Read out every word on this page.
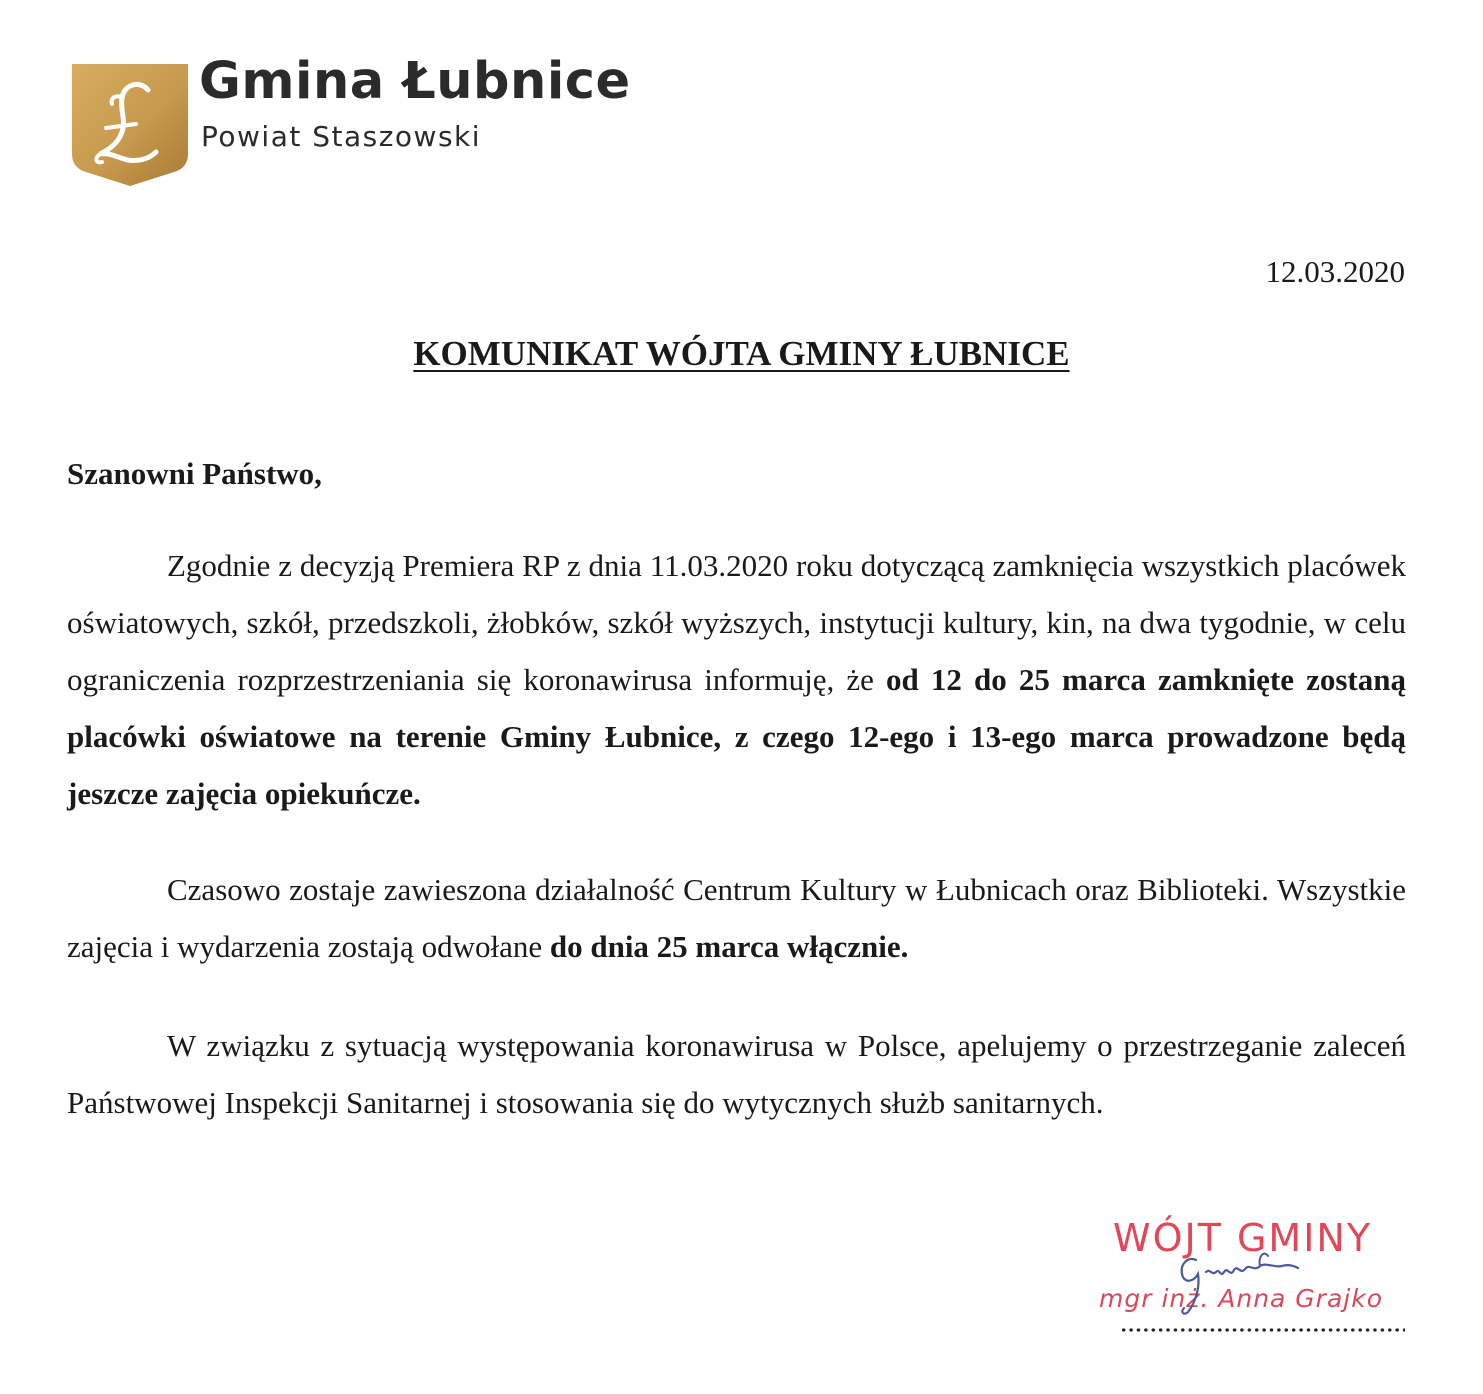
Gmina Łubnice
Powiat Staszowski
12.03.2020
KOMUNIKAT WÓJTA GMINY ŁUBNICE
Szanowni Państwo,

Zgodnie z decyzją Premiera RP z dnia 11.03.2020 roku dotyczącą zamknięcia wszystkich placówek oświatowych, szkół, przedszkoli, żłobków, szkół wyższych, instytucji kultury, kin, na dwa tygodnie, w celu ograniczenia rozprzestrzeniania się koronawirusa informuję, że od 12 do 25 marca zamknięte zostaną placówki oświatowe na terenie Gminy Łubnice, z czego 12-ego i 13-ego marca prowadzone będą jeszcze zajęcia opiekuńcze.

Czasowo zostaje zawieszona działalność Centrum Kultury w Łubnicach oraz Biblioteki. Wszystkie zajęcia i wydarzenia zostają odwołane do dnia 25 marca włącznie.

W związku z sytuacją występowania koronawirusa w Polsce, apelujemy o przestrzeganie zaleceń Państwowej Inspekcji Sanitarnej i stosowania się do wytycznych służb sanitarnych.

WÓJT GMINY
mgr inż. Anna Grajko
